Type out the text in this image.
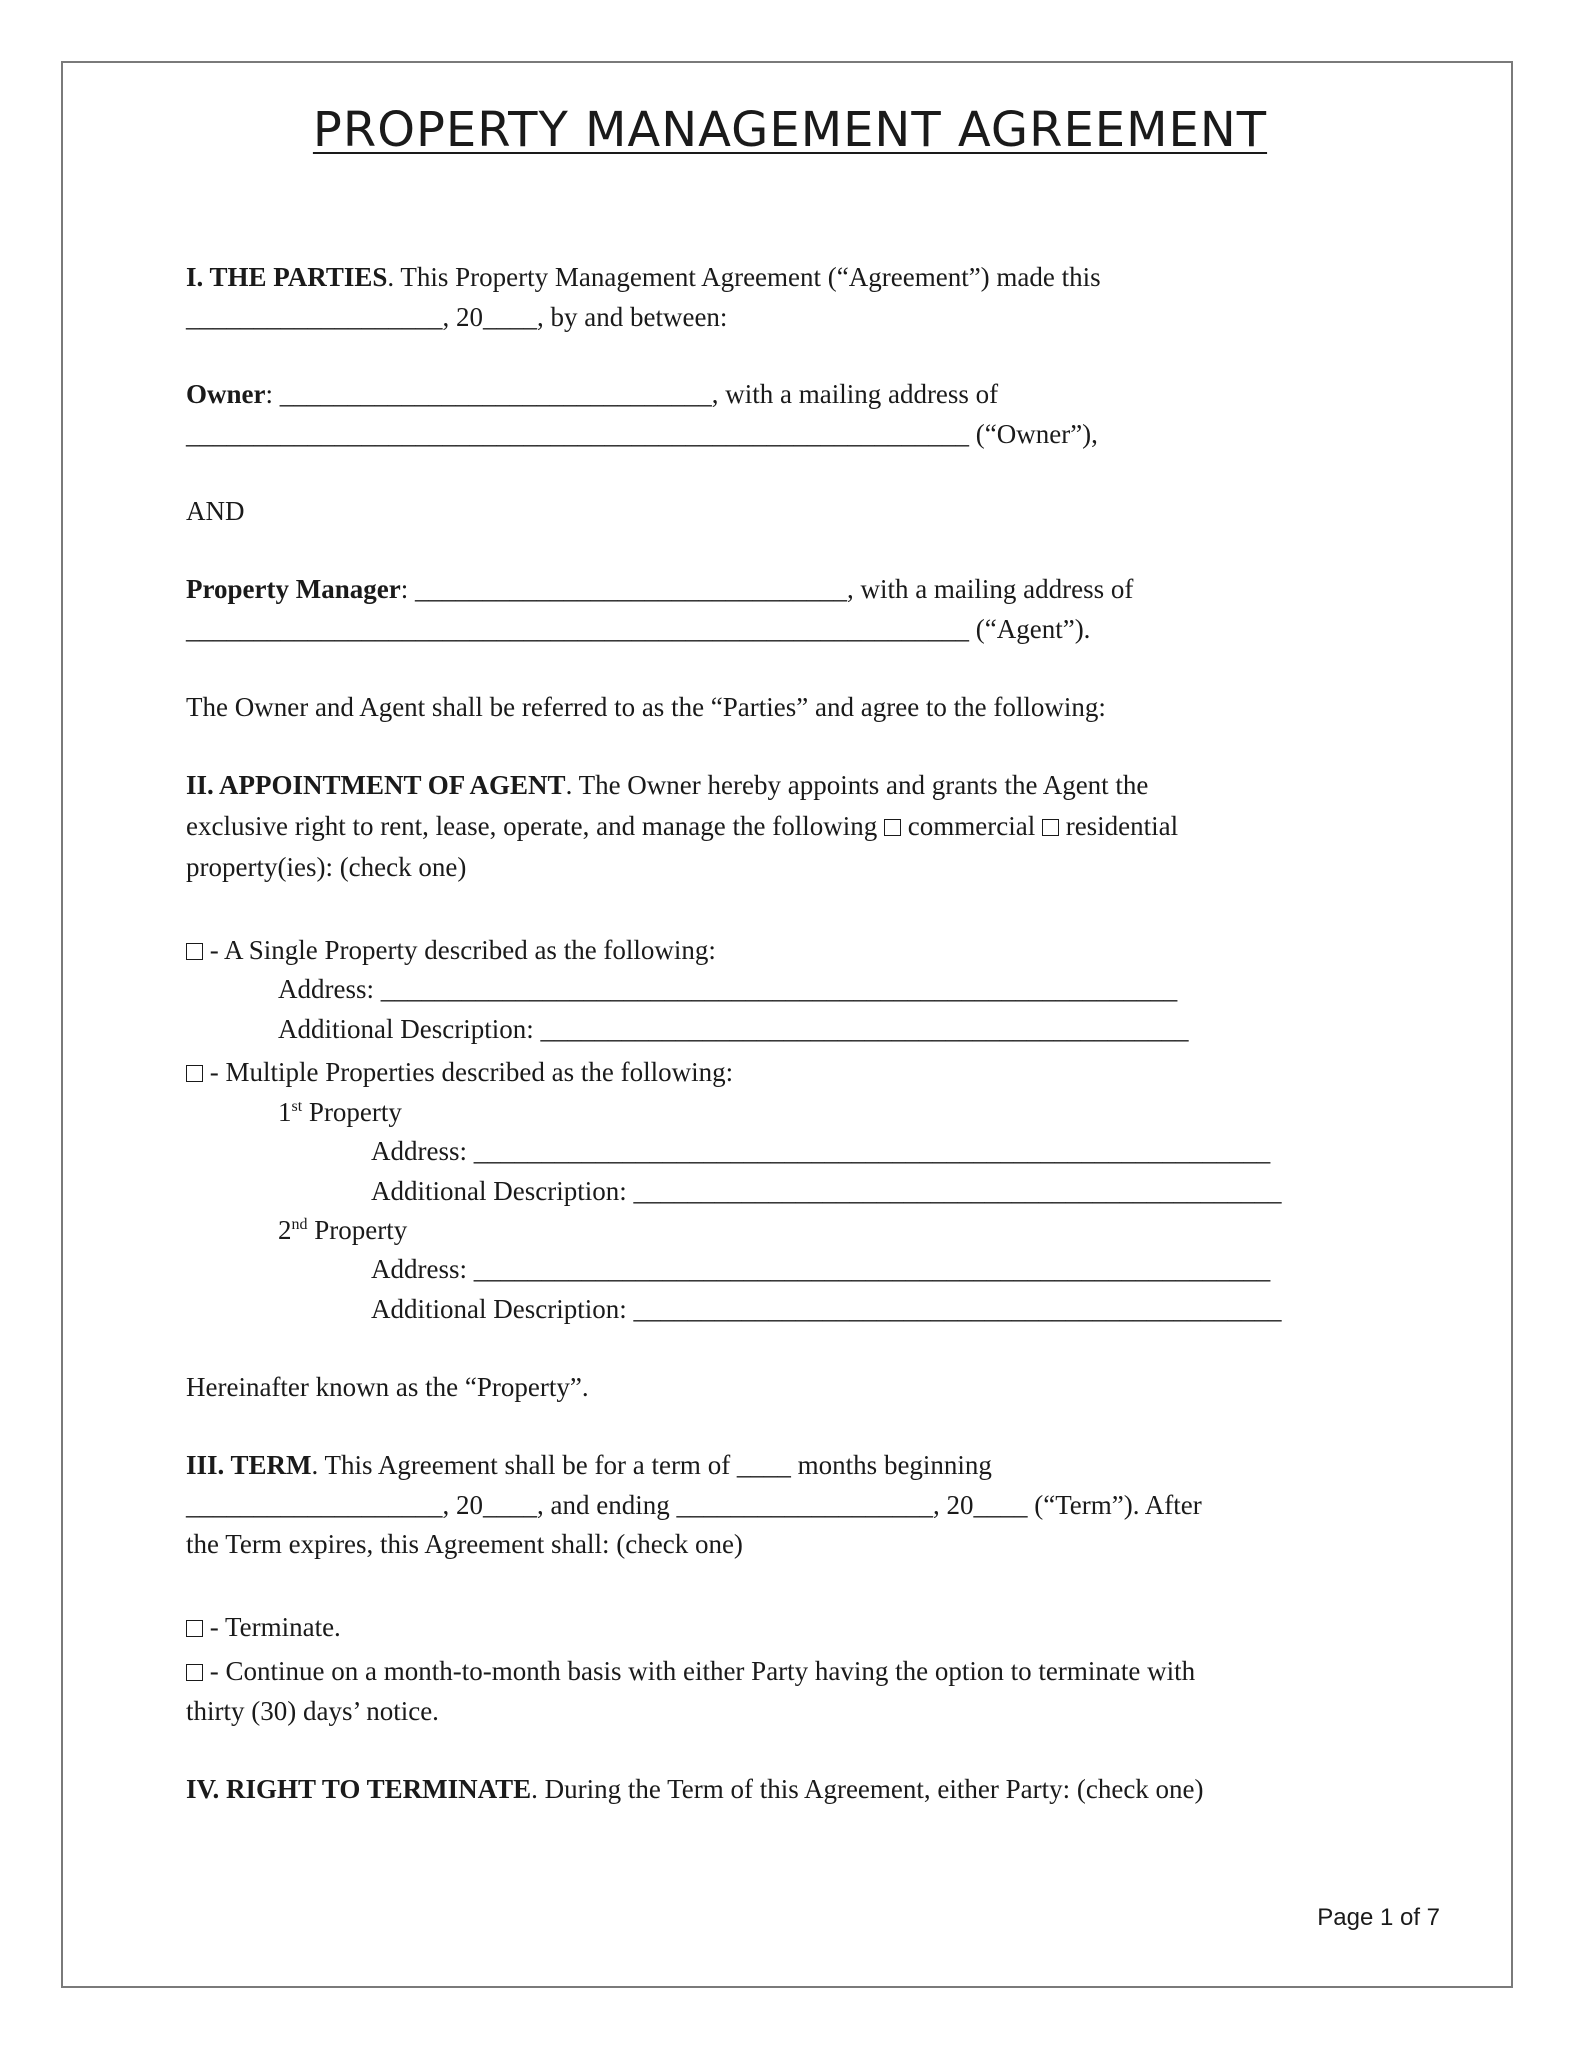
PROPERTY MANAGEMENT AGREEMENT
I. THE PARTIES. This Property Management Agreement (“Agreement”) made this
___________________, 20____, by and between:
Owner: ________________________________, with a mailing address of
__________________________________________________________ (“Owner”),
AND
Property Manager: ________________________________, with a mailing address of
__________________________________________________________ (“Agent”).
The Owner and Agent shall be referred to as the “Parties” and agree to the following:
II. APPOINTMENT OF AGENT. The Owner hereby appoints and grants the Agent the
exclusive right to rent, lease, operate, and manage the following commercial residential
property(ies): (check one)
- A Single Property described as the following:
Address: ___________________________________________________________
Additional Description: ________________________________________________
- Multiple Properties described as the following:
1st Property
Address: ___________________________________________________________
Additional Description: ________________________________________________
2nd Property
Address: ___________________________________________________________
Additional Description: ________________________________________________
Hereinafter known as the “Property”.
III. TERM. This Agreement shall be for a term of ____ months beginning
___________________, 20____, and ending ___________________, 20____ (“Term”). After
the Term expires, this Agreement shall: (check one)
- Terminate.
- Continue on a month-to-month basis with either Party having the option to terminate with
thirty (30) days’ notice.
IV. RIGHT TO TERMINATE. During the Term of this Agreement, either Party: (check one)
Page 1 of 7
